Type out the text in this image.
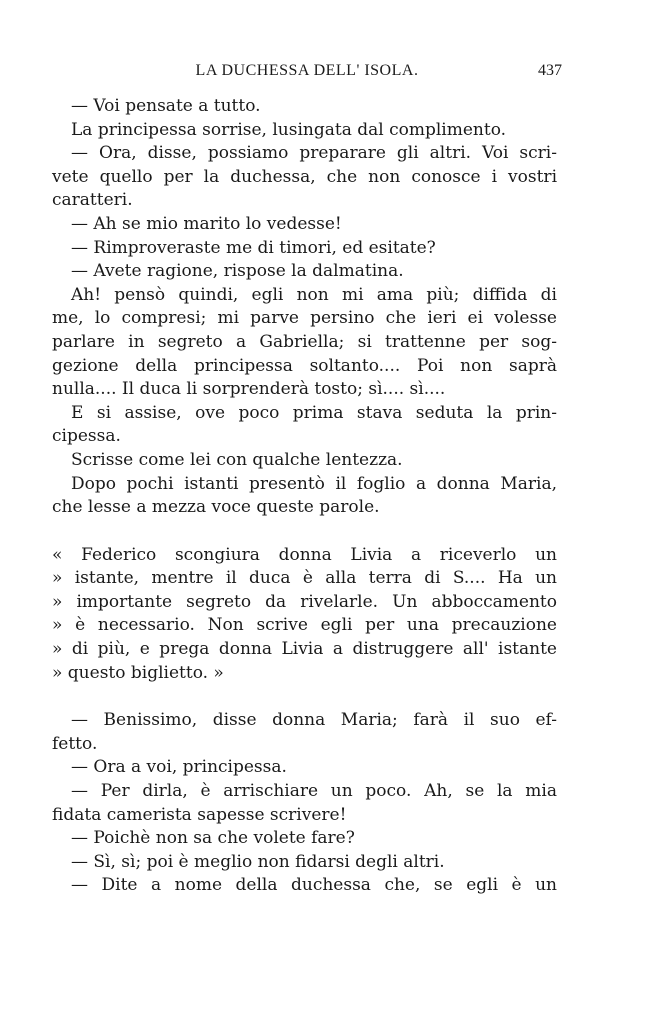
LA DUCHESSA DELL' ISOLA.	437
— Voi pensate a tutto.
La principessa sorrise, lusingata dal complimento.
— Ora, disse, possiamo preparare gli altri. Voi scri-
vete quello per la duchessa, che non conosce i vostri
caratteri.
— Ah se mio marito lo vedesse!
— Rimproveraste me di timori, ed esitate?
— Avete ragione, rispose la dalmatina.
Ah! pensò quindi, egli non mi ama più; diffida di
me, lo compresi; mi parve persino che ieri ei volesse
parlare in segreto a Gabriella; si trattenne per sog-
gezione della principessa soltanto.... Poi non saprà
nulla.... Il duca li sorprenderà tosto; sì.... sì....
E si assise, ove poco prima stava seduta la prin-
cipessa.
Scrisse come lei con qualche lentezza.
Dopo pochi istanti presentò il foglio a donna Maria,
che lesse a mezza voce queste parole.
« Federico scongiura donna Livia a riceverlo un
» istante, mentre il duca è alla terra di S.... Ha un
» importante segreto da rivelarle. Un abboccamento
» è necessario. Non scrive egli per una precauzione
» di più, e prega donna Livia a distruggere all' istante
» questo biglietto. »
— Benissimo, disse donna Maria; farà il suo ef-
fetto.
— Ora a voi, principessa.
— Per dirla, è arrischiare un poco. Ah, se la mia
fidata camerista sapesse scrivere!
— Poichè non sa che volete fare?
— Sì, sì; poi è meglio non fidarsi degli altri.
— Dite a nome della duchessa che, se egli è un
